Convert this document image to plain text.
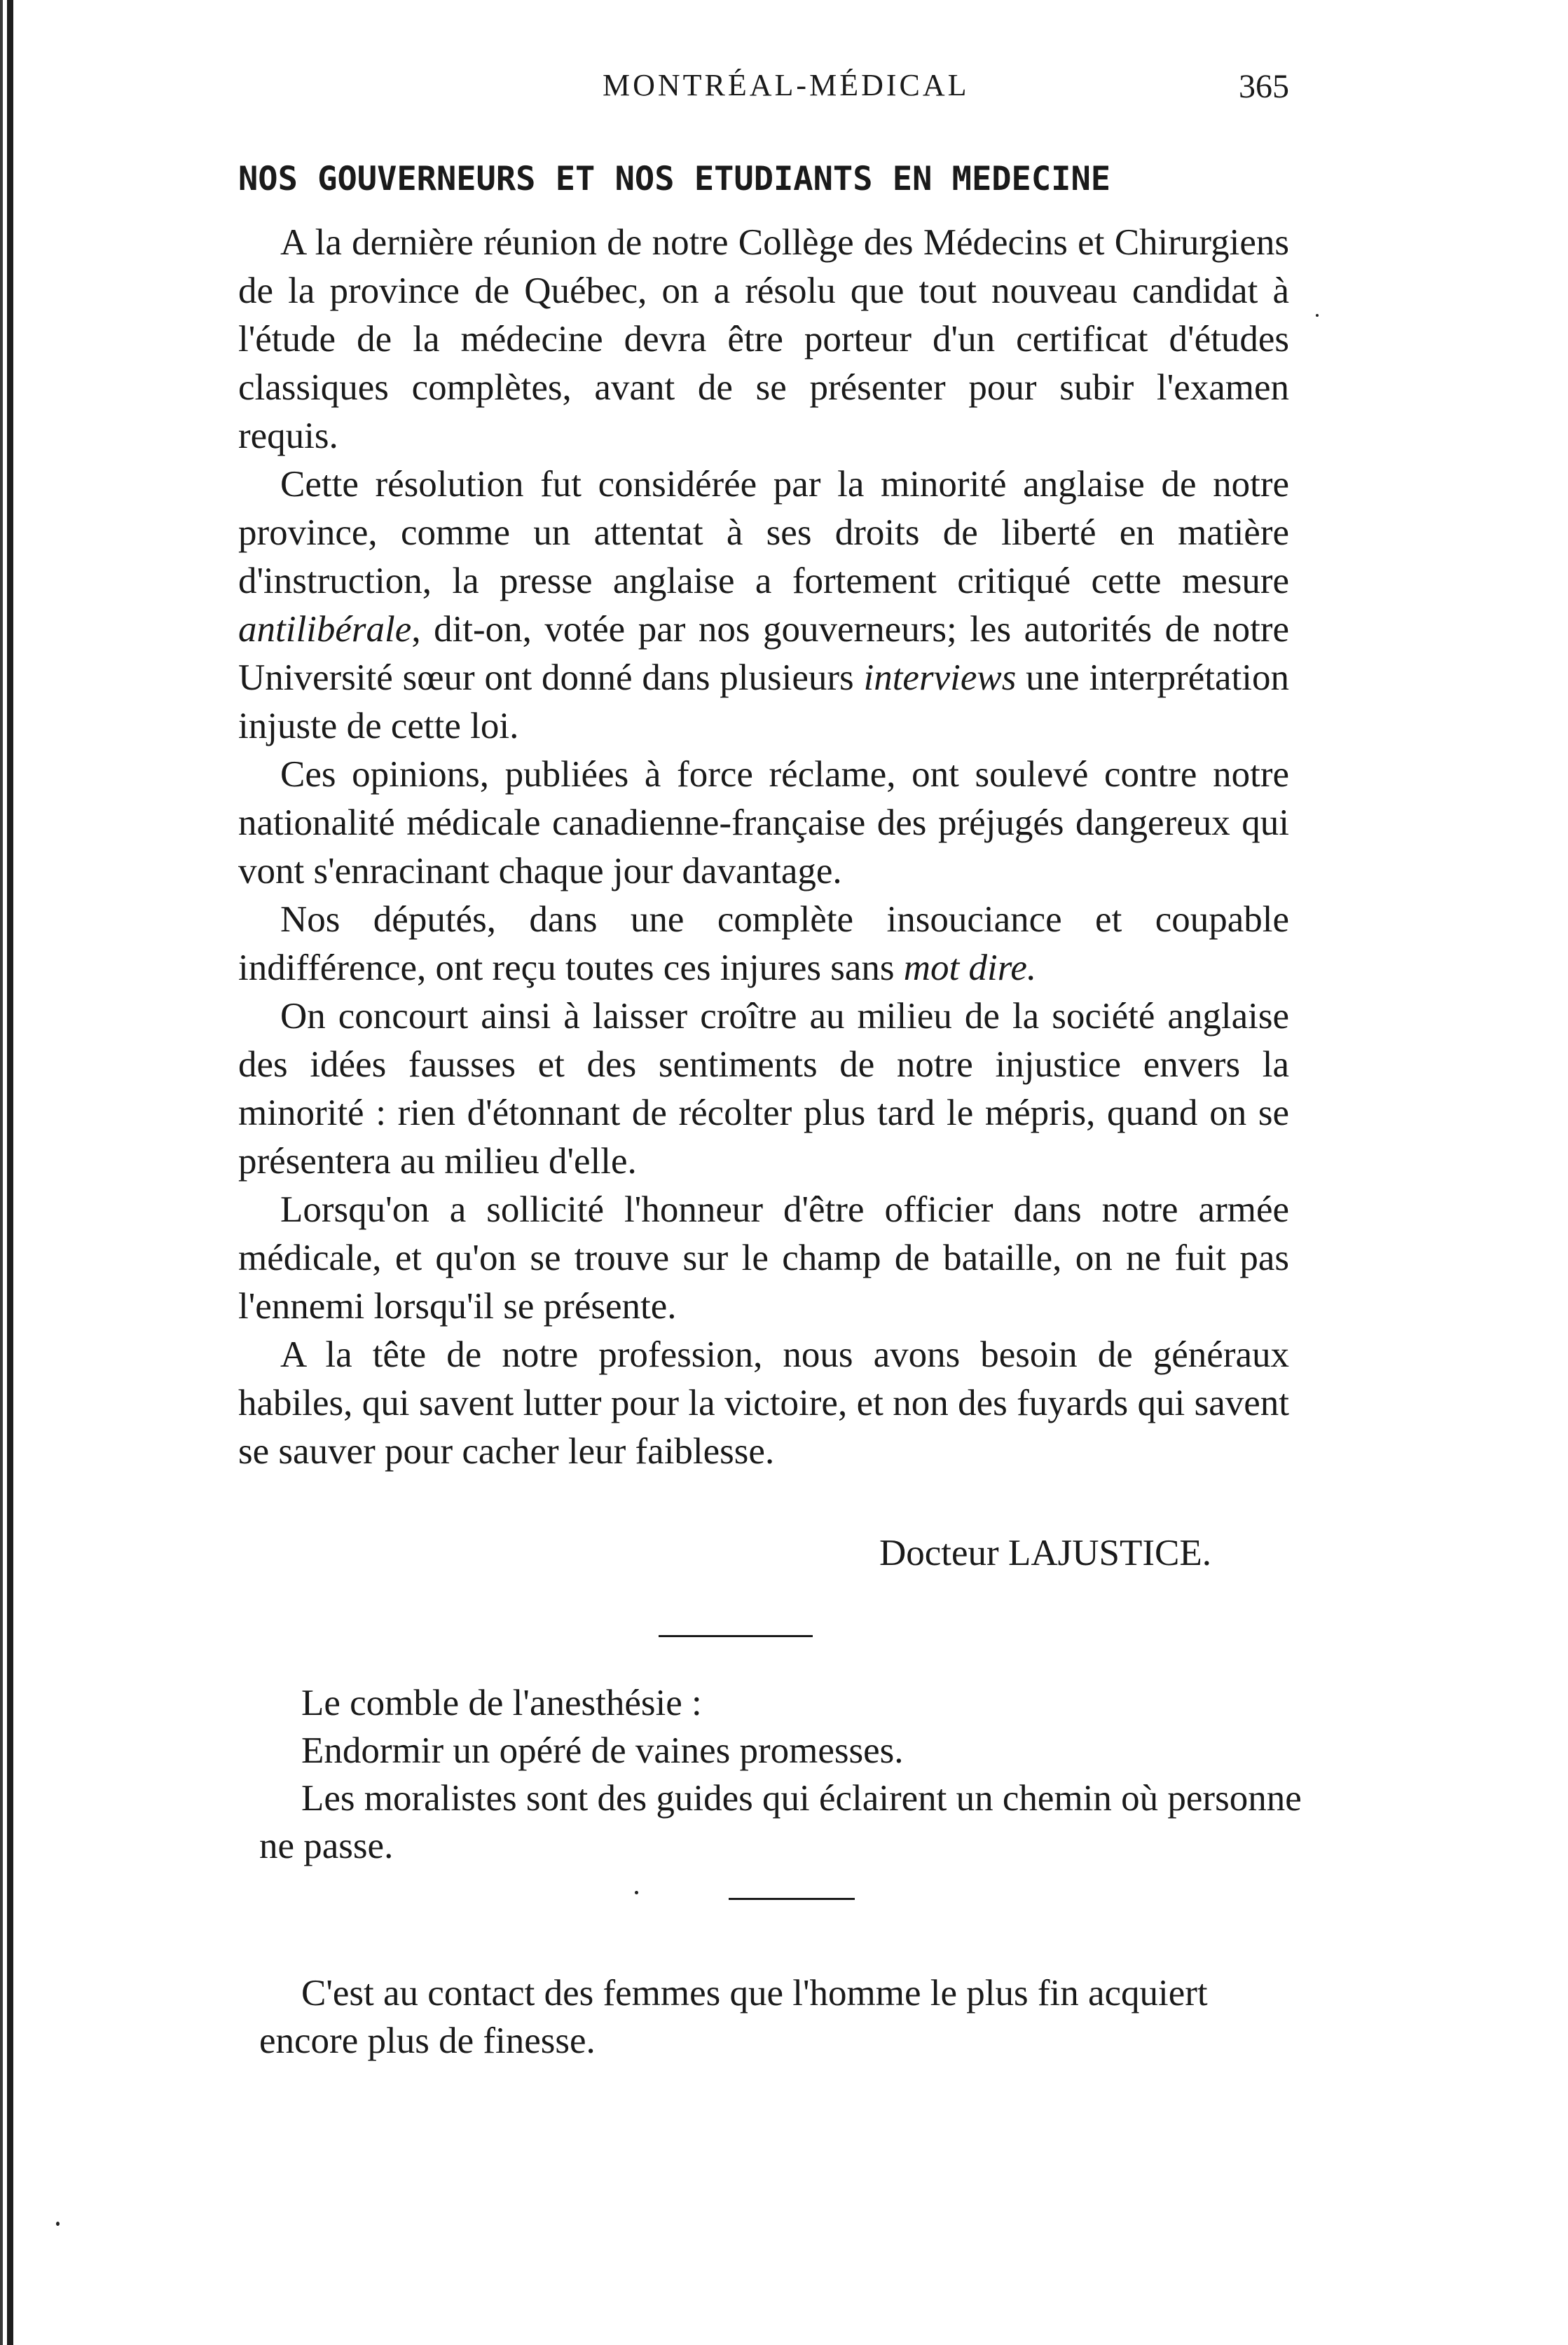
MONTRÉAL-MÉDICAL	365
NOS GOUVERNEURS ET NOS ETUDIANTS EN MEDECINE

A la dernière réunion de notre Collège des Médecins et Chirurgiens de la province de Québec, on a résolu que tout nouveau candidat à l'étude de la médecine devra être porteur d'un certificat d'études classiques complètes, avant de se présenter pour subir l'examen requis.

Cette résolution fut considérée par la minorité anglaise de notre province, comme un attentat à ses droits de liberté en matière d'instruction, la presse anglaise a fortement critiqué cette mesure antilibérale, dit-on, votée par nos gouverneurs; les autorités de notre Université sœur ont donné dans plusieurs interviews une interprétation injuste de cette loi.

Ces opinions, publiées à force réclame, ont soulevé contre notre nationalité médicale canadienne-française des préjugés dangereux qui vont s'enracinant chaque jour davantage.

Nos députés, dans une complète insouciance et coupable indifférence, ont reçu toutes ces injures sans mot dire.

On concourt ainsi à laisser croître au milieu de la société anglaise des idées fausses et des sentiments de notre injustice envers la minorité : rien d'étonnant de récolter plus tard le mépris, quand on se présentera au milieu d'elle.

Lorsqu'on a sollicité l'honneur d'être officier dans notre armée médicale, et qu'on se trouve sur le champ de bataille, on ne fuit pas l'ennemi lorsqu'il se présente.

A la tête de notre profession, nous avons besoin de généraux habiles, qui savent lutter pour la victoire, et non des fuyards qui savent se sauver pour cacher leur faiblesse.

Docteur LAJUSTICE.

Le comble de l'anesthésie :

Endormir un opéré de vaines promesses.

Les moralistes sont des guides qui éclairent un chemin où personne ne passe.

C'est au contact des femmes que l'homme le plus fin acquiert encore plus de finesse.
